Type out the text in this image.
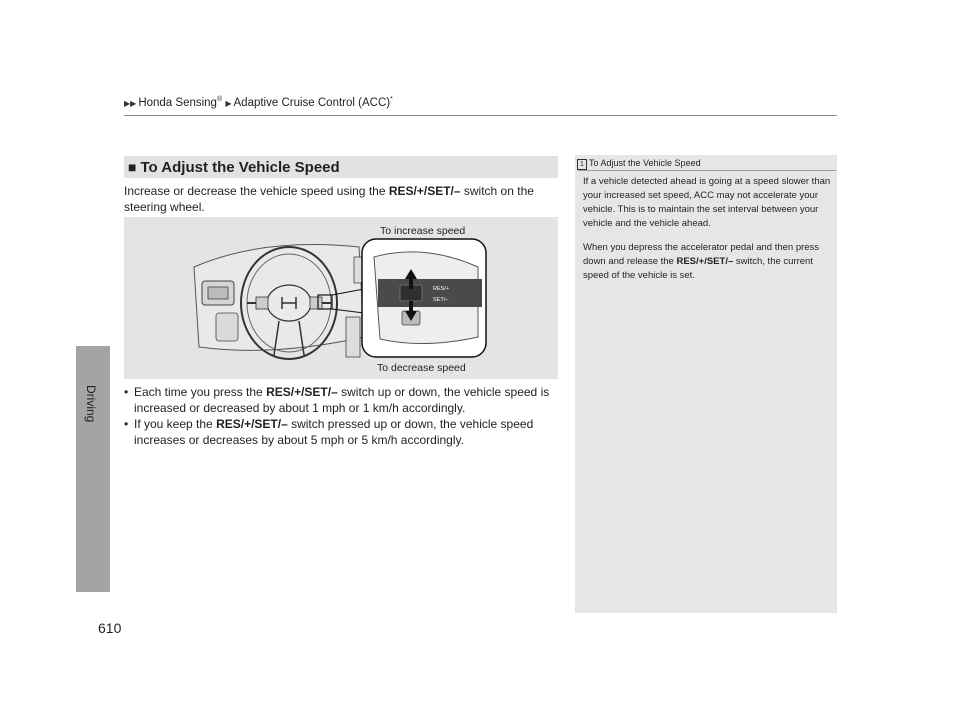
▶▶ Honda Sensing® ▶ Adaptive Cruise Control (ACC)*
Driving
610
■ To Adjust the Vehicle Speed
Increase or decrease the vehicle speed using the RES/+/SET/– switch on the steering wheel.
RES/+
SET/–
To increase speed
To decrease speed
• Each time you press the RES/+/SET/– switch up or down, the vehicle speed is increased or decreased by about 1 mph or 1 km/h accordingly.
• If you keep the RES/+/SET/– switch pressed up or down, the vehicle speed increases or decreases by about 5 mph or 5 km/h accordingly.
1 To Adjust the Vehicle Speed

If a vehicle detected ahead is going at a speed slower than your increased set speed, ACC may not accelerate your vehicle. This is to maintain the set interval between your vehicle and the vehicle ahead.

When you depress the accelerator pedal and then press down and release the RES/+/SET/– switch, the current speed of the vehicle is set.
